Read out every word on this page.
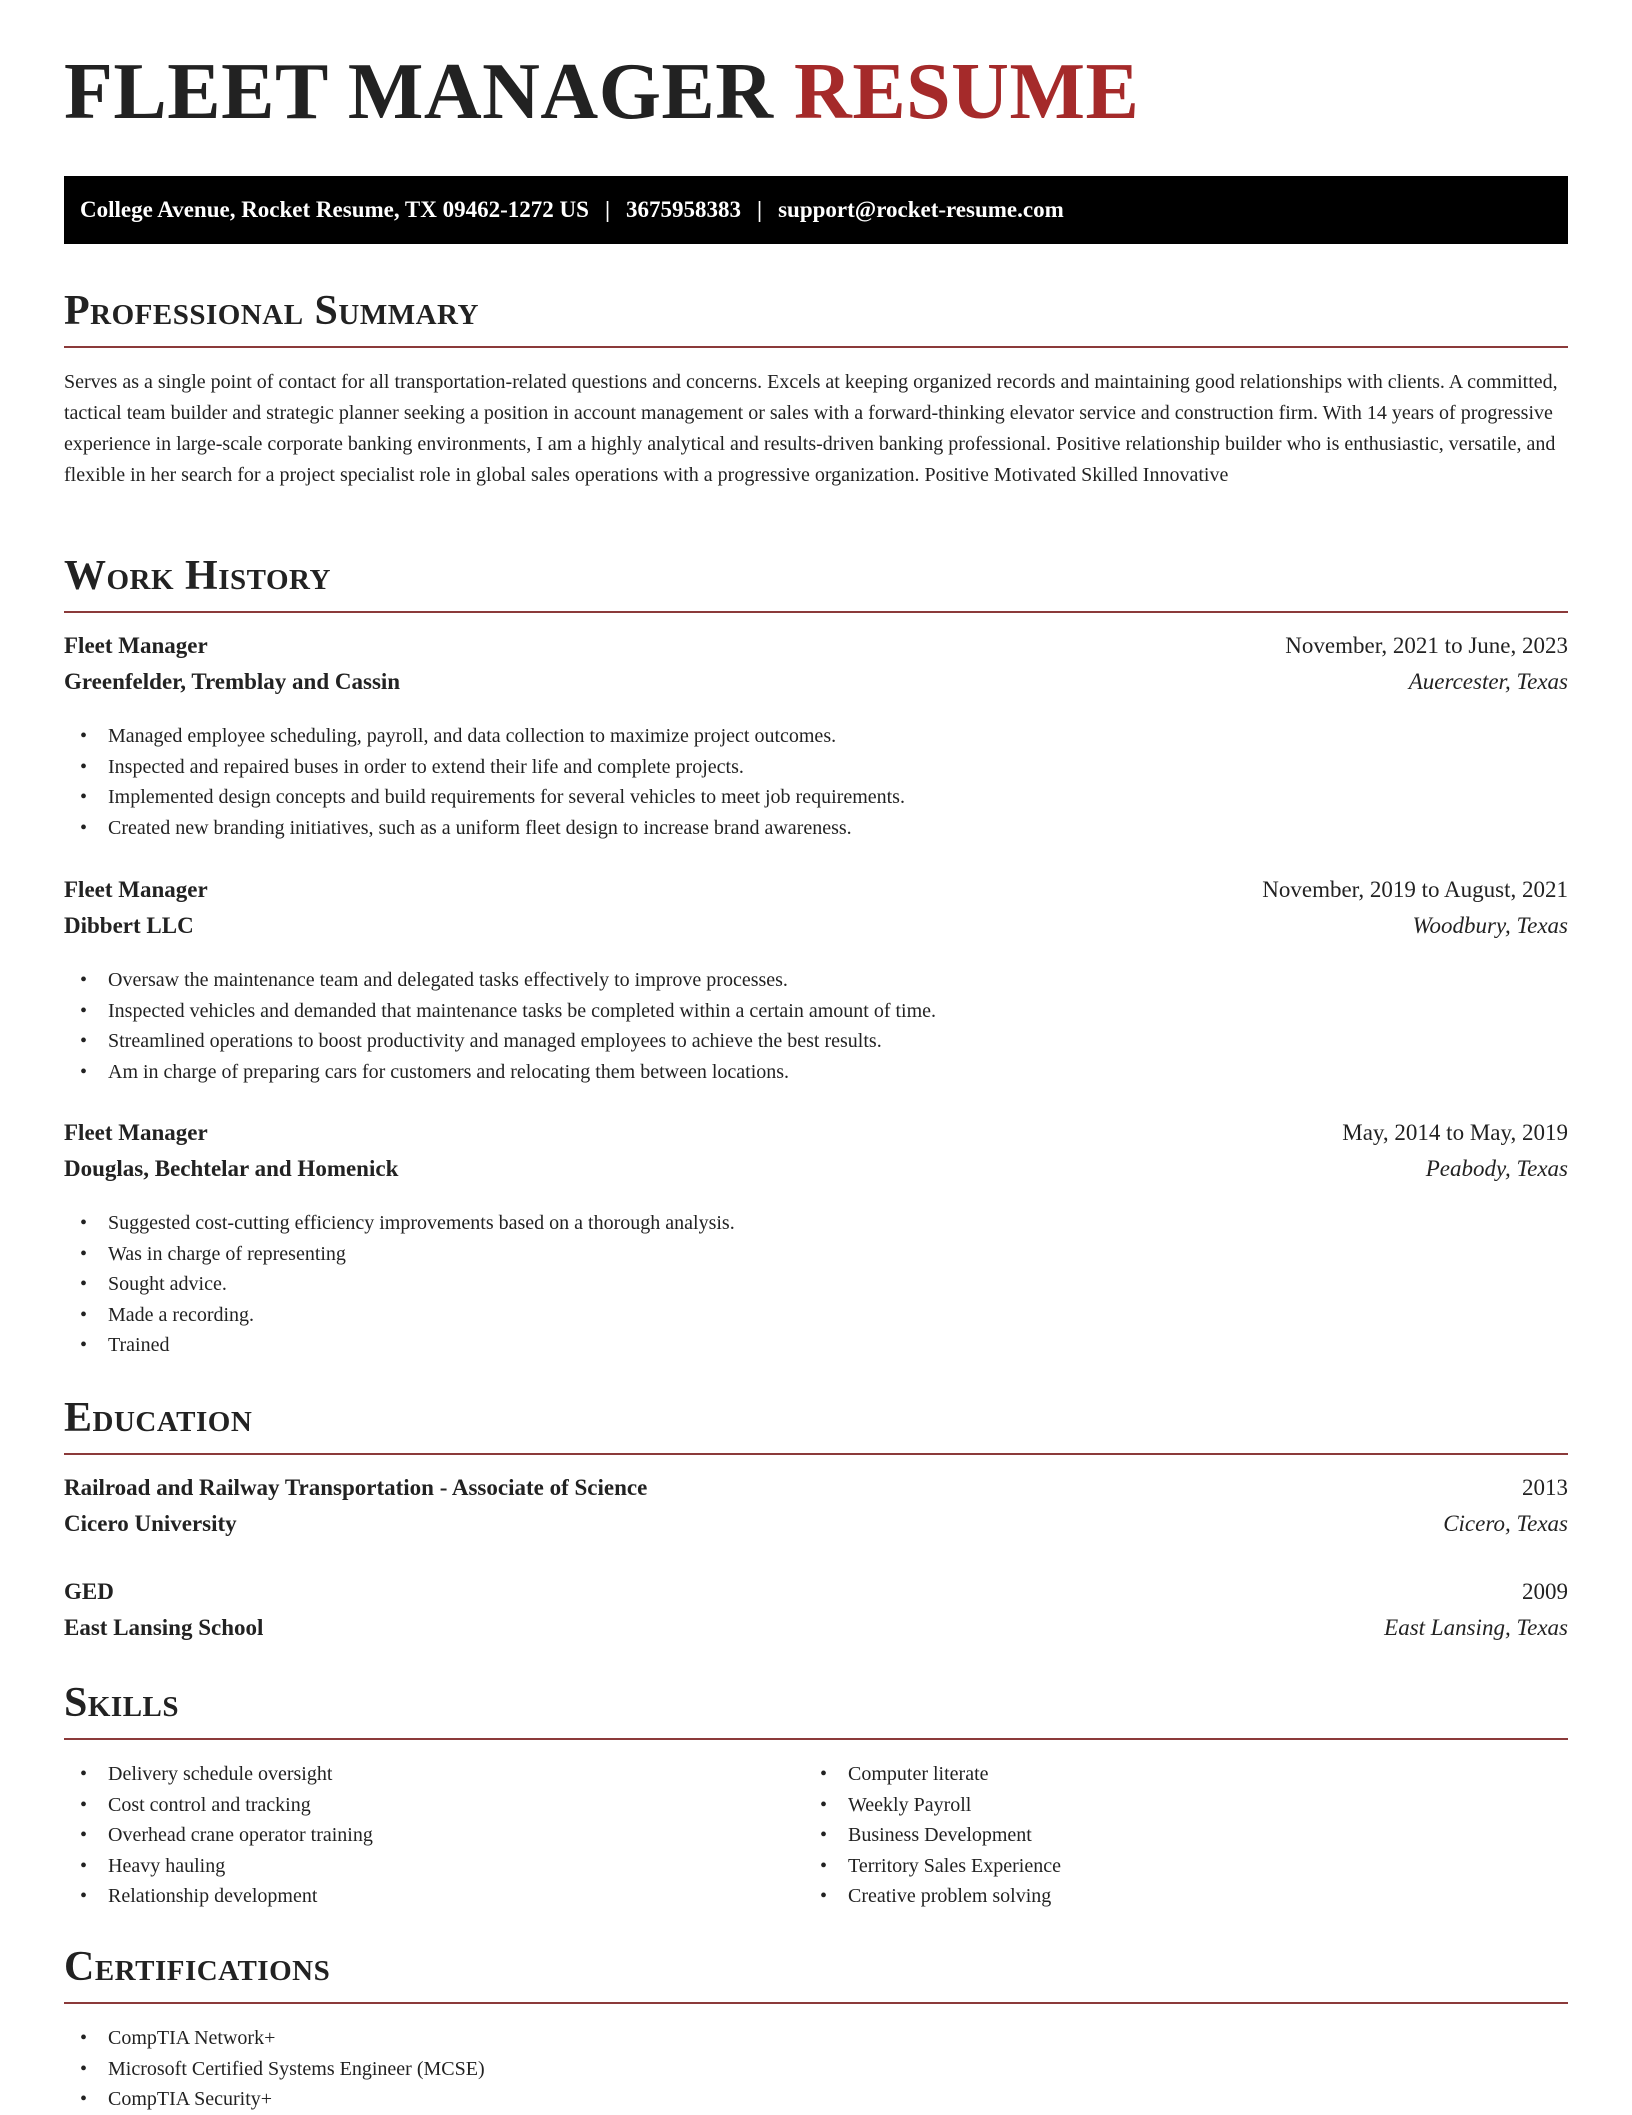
FLEET MANAGER RESUME
College Avenue, Rocket Resume, TX 09462-1272 US | 3675958383 | support@rocket-resume.com
Professional Summary
Serves as a single point of contact for all transportation-related questions and concerns. Excels at keeping organized records and maintaining good relationships with clients. A committed, tactical team builder and strategic planner seeking a position in account management or sales with a forward-thinking elevator service and construction firm. With 14 years of progressive experience in large-scale corporate banking environments, I am a highly analytical and results-driven banking professional. Positive relationship builder who is enthusiastic, versatile, and flexible in her search for a project specialist role in global sales operations with a progressive organization. Positive Motivated Skilled Innovative
Work History
Fleet Manager	November, 2021 to June, 2023
Greenfelder, Tremblay and Cassin	Auercester, Texas
• Managed employee scheduling, payroll, and data collection to maximize project outcomes.
• Inspected and repaired buses in order to extend their life and complete projects.
• Implemented design concepts and build requirements for several vehicles to meet job requirements.
• Created new branding initiatives, such as a uniform fleet design to increase brand awareness.
Fleet Manager	November, 2019 to August, 2021
Dibbert LLC	Woodbury, Texas
• Oversaw the maintenance team and delegated tasks effectively to improve processes.
• Inspected vehicles and demanded that maintenance tasks be completed within a certain amount of time.
• Streamlined operations to boost productivity and managed employees to achieve the best results.
• Am in charge of preparing cars for customers and relocating them between locations.
Fleet Manager	May, 2014 to May, 2019
Douglas, Bechtelar and Homenick	Peabody, Texas
• Suggested cost-cutting efficiency improvements based on a thorough analysis.
• Was in charge of representing
• Sought advice.
• Made a recording.
• Trained
Education
Railroad and Railway Transportation - Associate of Science	2013
Cicero University	Cicero, Texas
GED	2009
East Lansing School	East Lansing, Texas
Skills
• Delivery schedule oversight
• Cost control and tracking
• Overhead crane operator training
• Heavy hauling
• Relationship development
• Computer literate
• Weekly Payroll
• Business Development
• Territory Sales Experience
• Creative problem solving
Certifications
• CompTIA Network+
• Microsoft Certified Systems Engineer (MCSE)
• CompTIA Security+
